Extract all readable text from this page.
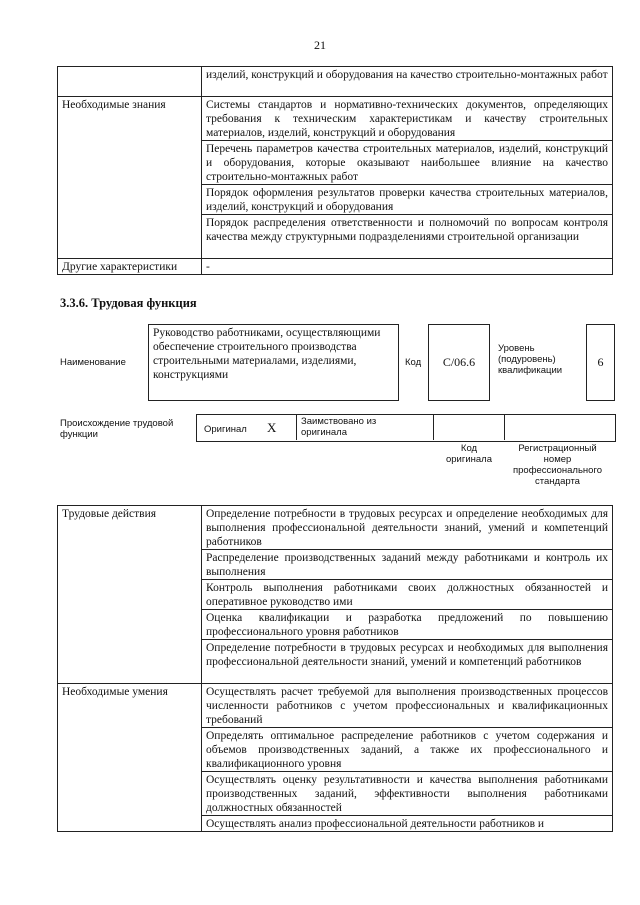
21
	изделий, конструкций и оборудования на качество строительно-монтажных работ
Необходимые знания	Системы стандартов и нормативно-технических документов, определяющих требования к техническим характеристикам и качеству строительных материалов, изделий, конструкций и оборудования
	Перечень параметров качества строительных материалов, изделий, конструкций и оборудования, которые оказывают наибольшее влияние на качество строительно-монтажных работ
	Порядок оформления результатов проверки качества строительных материалов, изделий, конструкций и оборудования
	Порядок распределения ответственности и полномочий по вопросам контроля качества между структурными подразделениями строительной организации
Другие характеристики	-
3.3.6. Трудовая функция
Наименование
Руководство работниками, осуществляющими обеспечение строительного производства строительными материалами, изделиями, конструкциями
Код	C/06.6
Уровень (подуровень) квалификации
6
Происхождение трудовой функции	Оригинал X	Заимствовано из оригинала
Код оригинала
Регистрационный номер профессионального стандарта
Трудовые действия	Определение потребности в трудовых ресурсах и определение необходимых для выполнения профессиональной деятельности знаний, умений и компетенций работников
	Распределение производственных заданий между работниками и контроль их выполнения
	Контроль выполнения работниками своих должностных обязанностей и оперативное руководство ими
	Оценка квалификации и разработка предложений по повышению профессионального уровня работников
	Определение потребности в трудовых ресурсах и необходимых для выполнения профессиональной деятельности знаний, умений и компетенций работников
Необходимые умения	Осуществлять расчет требуемой для выполнения производственных процессов численности работников с учетом профессиональных и квалификационных требований
	Определять оптимальное распределение работников с учетом содержания и объемов производственных заданий, а также их профессионального и квалификационного уровня
	Осуществлять оценку результативности и качества выполнения работниками производственных заданий, эффективности выполнения работниками должностных обязанностей
	Осуществлять анализ профессиональной деятельности работников и
